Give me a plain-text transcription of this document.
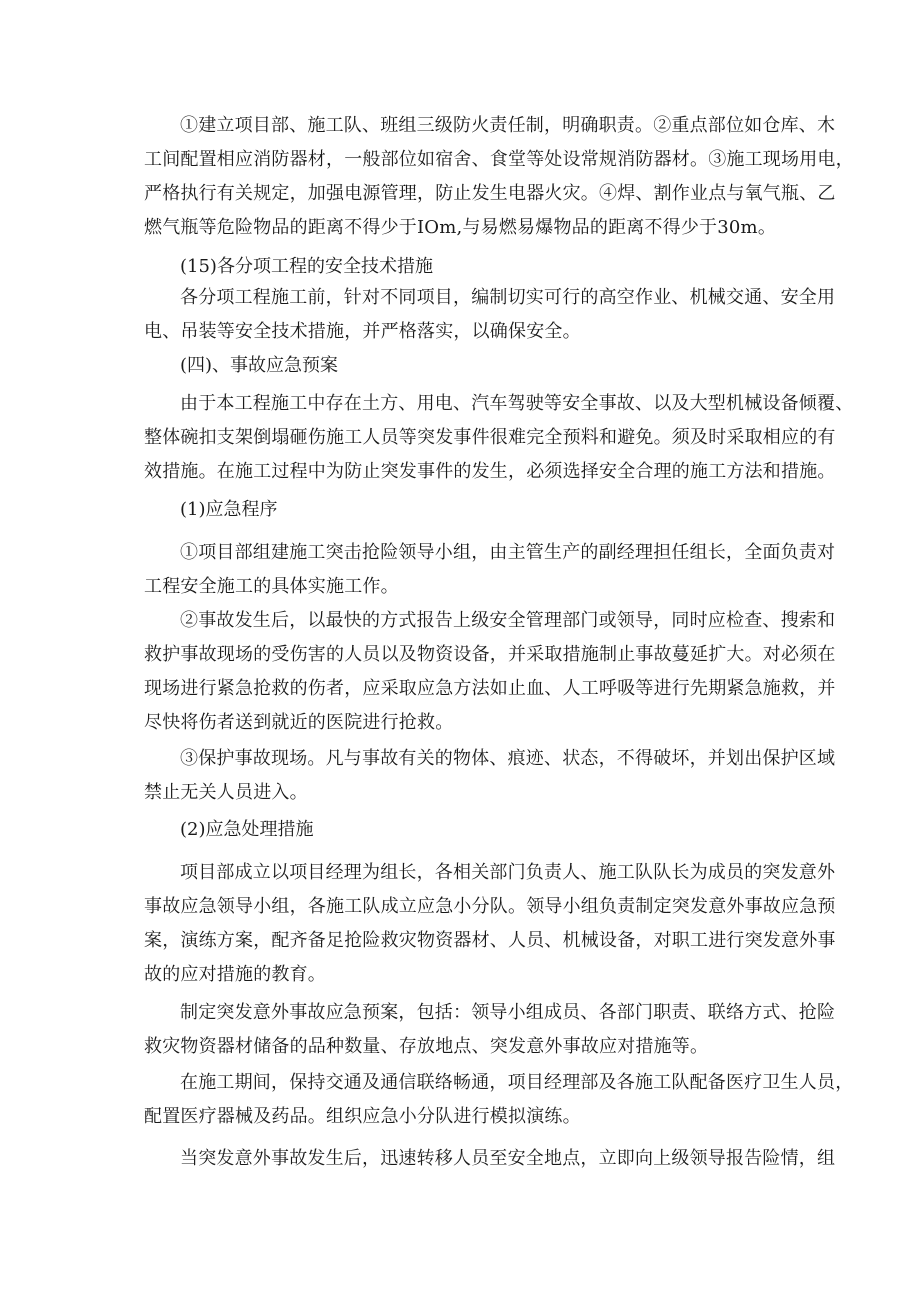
①建立项目部、施工队、班组三级防火责任制，明确职责。②重点部位如仓库、木
工间配置相应消防器材，一般部位如宿舍、食堂等处设常规消防器材。③施工现场用电，
严格执行有关规定，加强电源管理，防止发生电器火灾。④焊、割作业点与氧气瓶、乙
燃气瓶等危险物品的距离不得少于IOm,与易燃易爆物品的距离不得少于30m。
(15)各分项工程的安全技术措施
各分项工程施工前，针对不同项目，编制切实可行的高空作业、机械交通、安全用
电、吊装等安全技术措施，并严格落实，以确保安全。
(四)、事故应急预案
由于本工程施工中存在土方、用电、汽车驾驶等安全事故、以及大型机械设备倾覆、
整体碗扣支架倒塌砸伤施工人员等突发事件很难完全预料和避免。须及时采取相应的有
效措施。在施工过程中为防止突发事件的发生，必须选择安全合理的施工方法和措施。
(1)应急程序
①项目部组建施工突击抢险领导小组，由主管生产的副经理担任组长，全面负责对
工程安全施工的具体实施工作。
②事故发生后，以最快的方式报告上级安全管理部门或领导，同时应检查、搜索和
救护事故现场的受伤害的人员以及物资设备，并采取措施制止事故蔓延扩大。对必须在
现场进行紧急抢救的伤者，应采取应急方法如止血、人工呼吸等进行先期紧急施救，并
尽快将伤者送到就近的医院进行抢救。
③保护事故现场。凡与事故有关的物体、痕迹、状态，不得破坏，并划出保护区域
禁止无关人员进入。
(2)应急处理措施
项目部成立以项目经理为组长，各相关部门负责人、施工队队长为成员的突发意外
事故应急领导小组，各施工队成立应急小分队。领导小组负责制定突发意外事故应急预
案，演练方案，配齐备足抢险救灾物资器材、人员、机械设备，对职工进行突发意外事
故的应对措施的教育。
制定突发意外事故应急预案，包括：领导小组成员、各部门职责、联络方式、抢险
救灾物资器材储备的品种数量、存放地点、突发意外事故应对措施等。
在施工期间，保持交通及通信联络畅通，项目经理部及各施工队配备医疗卫生人员，
配置医疗器械及药品。组织应急小分队进行模拟演练。
当突发意外事故发生后，迅速转移人员至安全地点，立即向上级领导报告险情，组
